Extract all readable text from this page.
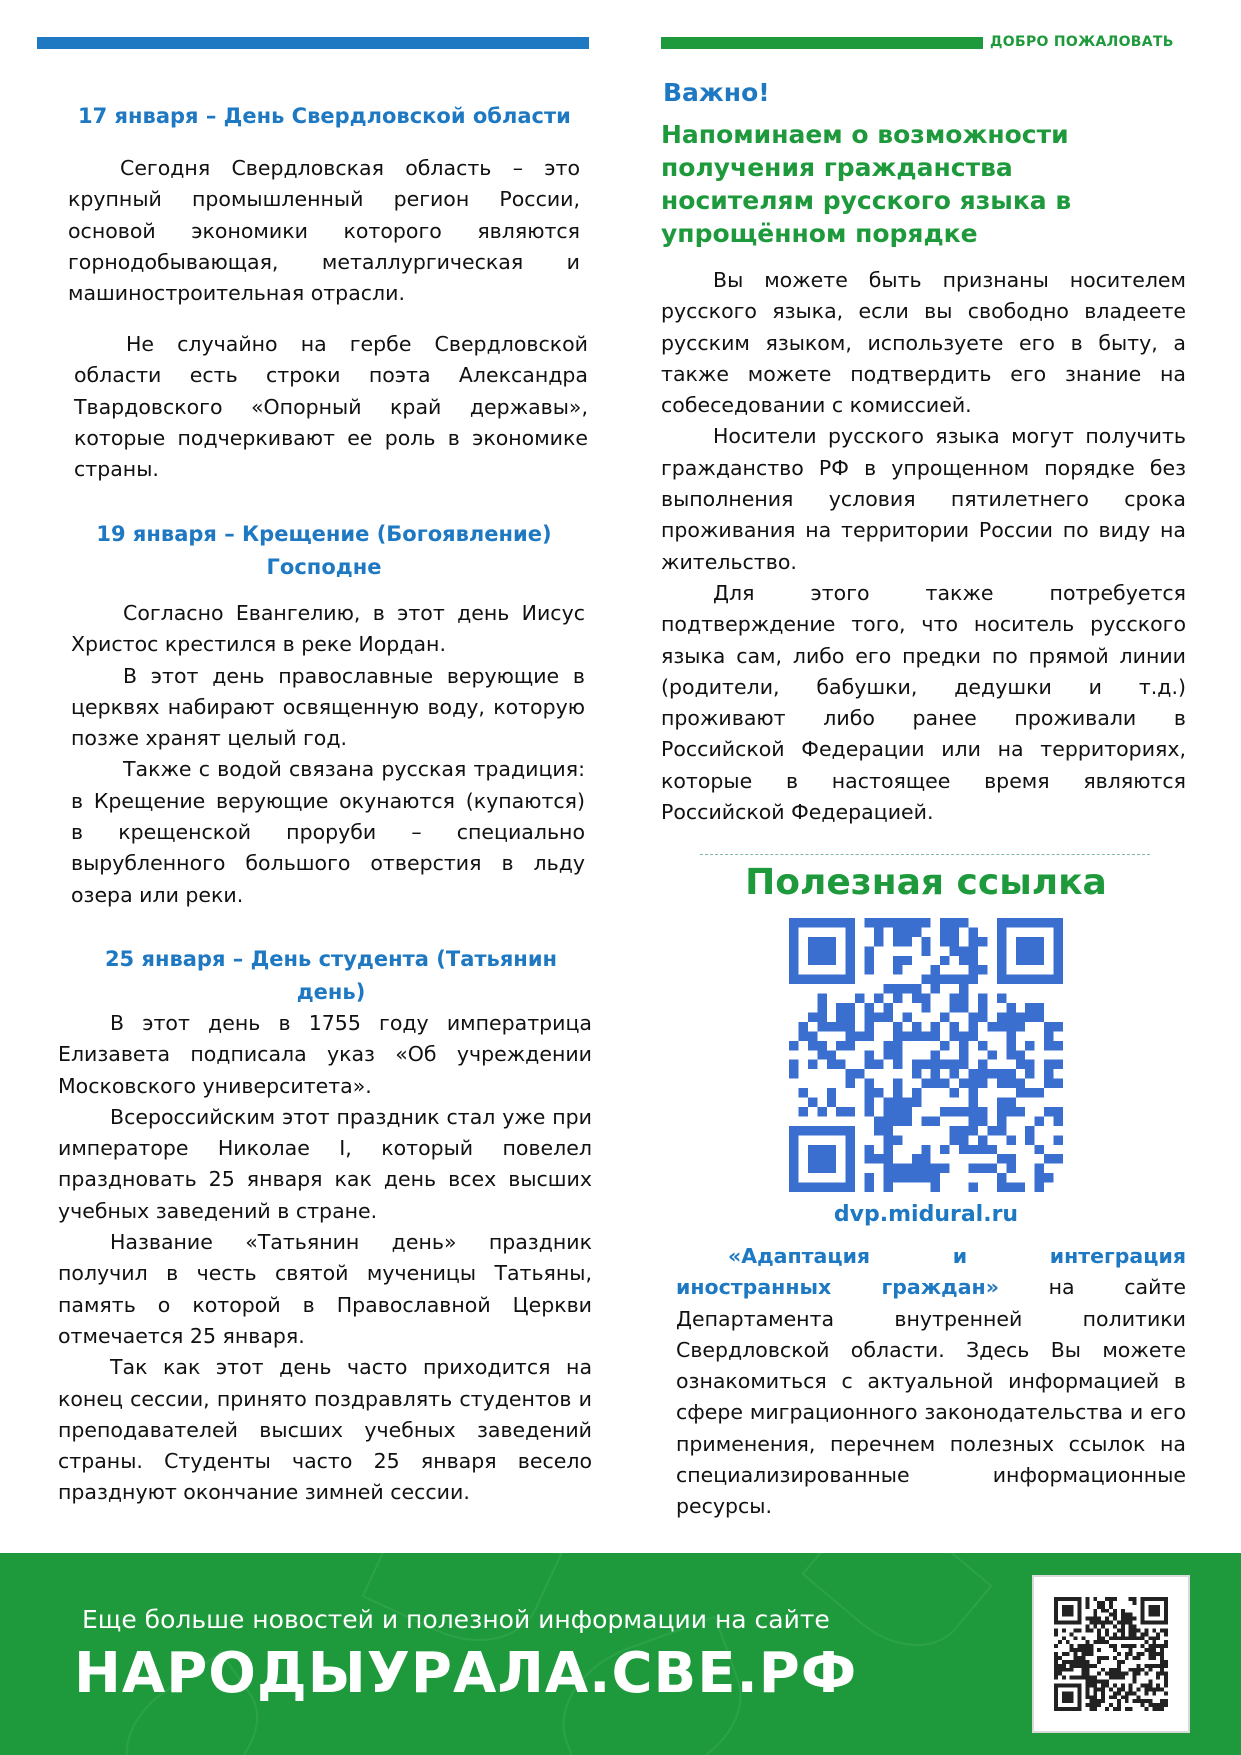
ДОБРО ПОЖАЛОВАТЬ

17 января – День Свердловской области

Сегодня Свердловская область – это крупный промышленный регион России, основой экономики которого являются горнодобывающая, металлургическая и машиностроительная отрасли.

Не случайно на гербе Свердловской области есть строки поэта Александра Твардовского «Опорный край державы», которые подчеркивают ее роль в экономике страны.

19 января – Крещение (Богоявление) Господне

Согласно Евангелию, в этот день Иисус Христос крестился в реке Иордан.

В этот день православные верующие в церквях набирают освященную воду, которую позже хранят целый год.

Также с водой связана русская традиция: в Крещение верующие окунаются (купаются) в крещенской проруби – специально вырубленного большого отверстия в льду озера или реки.

25 января – День студента (Татьянин день)

В этот день в 1755 году императрица Елизавета подписала указ «Об учреждении Московского университета».

Всероссийским этот праздник стал уже при императоре Николае I, который повелел праздновать 25 января как день всех высших учебных заведений в стране.

Название «Татьянин день» праздник получил в честь святой мученицы Татьяны, память о которой в Православной Церкви отмечается 25 января.

Так как этот день часто приходится на конец сессии, принято поздравлять студентов и преподавателей высших учебных заведений страны. Студенты часто 25 января весело празднуют окончание зимней сессии.

Важно!
Напоминаем о возможности получения гражданства носителям русского языка в упрощённом порядке

Вы можете быть признаны носителем русского языка, если вы свободно владеете русским языком, используете его в быту, а также можете подтвердить его знание на собеседовании с комиссией.

Носители русского языка могут получить гражданство РФ в упрощенном порядке без выполнения условия пятилетнего срока проживания на территории России по виду на жительство.

Для этого также потребуется подтверждение того, что носитель русского языка сам, либо его предки по прямой линии (родители, бабушки, дедушки и т.д.) проживают либо ранее проживали в Российской Федерации или на территориях, которые в настоящее время являются Российской Федерацией.

Полезная ссылка
dvp.midural.ru

«Адаптация и интеграция иностранных граждан» на сайте Департамента внутренней политики Свердловской области. Здесь Вы можете ознакомиться с актуальной информацией в сфере миграционного законодательства и его применения, перечнем полезных ссылок на специализированные информационные ресурсы.

Еще больше новостей и полезной информации на сайте
НАРОДЫУРАЛА.СВЕ.РФ
